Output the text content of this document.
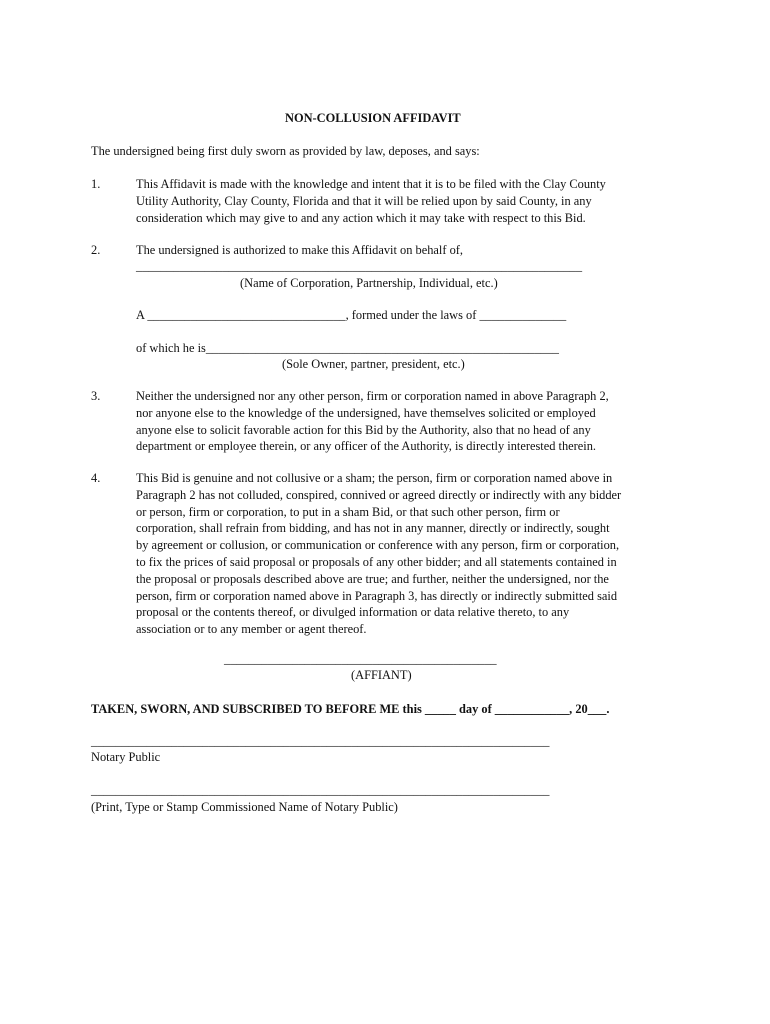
NON-COLLUSION AFFIDAVIT
The undersigned being first duly sworn as provided by law, deposes, and says:
1.	This Affidavit is made with the knowledge and intent that it is to be filed with the Clay County
Utility Authority, Clay County, Florida and that it will be relied upon by said County, in any
consideration which may give to and any action which it may take with respect to this Bid.
2.	The undersigned is authorized to make this Affidavit on behalf of,
________________________________________________________________________
(Name of Corporation, Partnership, Individual, etc.)
A ________________________________, formed under the laws of ______________
of which he is_________________________________________________________
(Sole Owner, partner, president, etc.)
3.	Neither the undersigned nor any other person, firm or corporation named in above Paragraph 2,
nor anyone else to the knowledge of the undersigned, have themselves solicited or employed
anyone else to solicit favorable action for this Bid by the Authority, also that no head of any
department or employee therein, or any officer of the Authority, is directly interested therein.
4.	This Bid is genuine and not collusive or a sham; the person, firm or corporation named above in
Paragraph 2 has not colluded, conspired, connived or agreed directly or indirectly with any bidder
or person, firm or corporation, to put in a sham Bid, or that such other person, firm or
corporation, shall refrain from bidding, and has not in any manner, directly or indirectly, sought
by agreement or collusion, or communication or conference with any person, firm or corporation,
to fix the prices of said proposal or proposals of any other bidder; and all statements contained in
the proposal or proposals described above are true; and further, neither the undersigned, nor the
person, firm or corporation named above in Paragraph 3, has directly or indirectly submitted said
proposal or the contents thereof, or divulged information or data relative thereto, to any
association or to any member or agent thereof.
____________________________________________
(AFFIANT)
TAKEN, SWORN, AND SUBSCRIBED TO BEFORE ME this _____ day of ____________, 20___.
__________________________________________________________________________
Notary Public
__________________________________________________________________________
(Print, Type or Stamp Commissioned Name of Notary Public)
